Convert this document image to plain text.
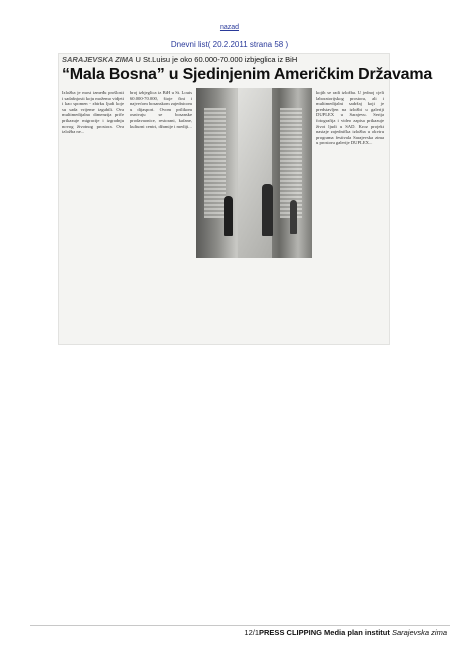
nazad
Dnevni list( 20.2.2011 strana 58 )
SARAJEVSKA ZIMA U St.Luisu je oko 60.000-70.000 izbjeglica iz BiH
“Mala Bosna” u Sjedinjenim Američkim Državama
Izložba je most između prošlosti i sadašnjosti koju možemo vidjeti i kao spomen - zbirku ljudi koje su sada vrijeme izgubili. Ova multimedijalna dimenzija priče prikazuje migracije i izgradnju novog životnog prostora. Ova izložba ne...
broj izbjeglica iz BiH u St. Louis 60.000-70.000, štoje čini i najvećom bosanskom zajednicom u dijaspori. Ovom prilikom osnivaju se bosanske prodavaonice, restorani, kafane, kulturni centri, džamije i mediji...
kojih se radi izložba. U jednoj cjeli laboratorijskog prostora, ali i multimedijalni sadržaj koji je predstavljen na izložbi u galeriji DUPLEX u Sarajevu. Serija fotografija i video zapisa prikazuje život ljudi u SAD. Kroz projekt nastaje zajednička izložba u okviru programa festivala Sarajevska zima u prostoru galerije DUPLEX...
12/1PRESS CLIPPING Media plan institut Sarajevska zima
